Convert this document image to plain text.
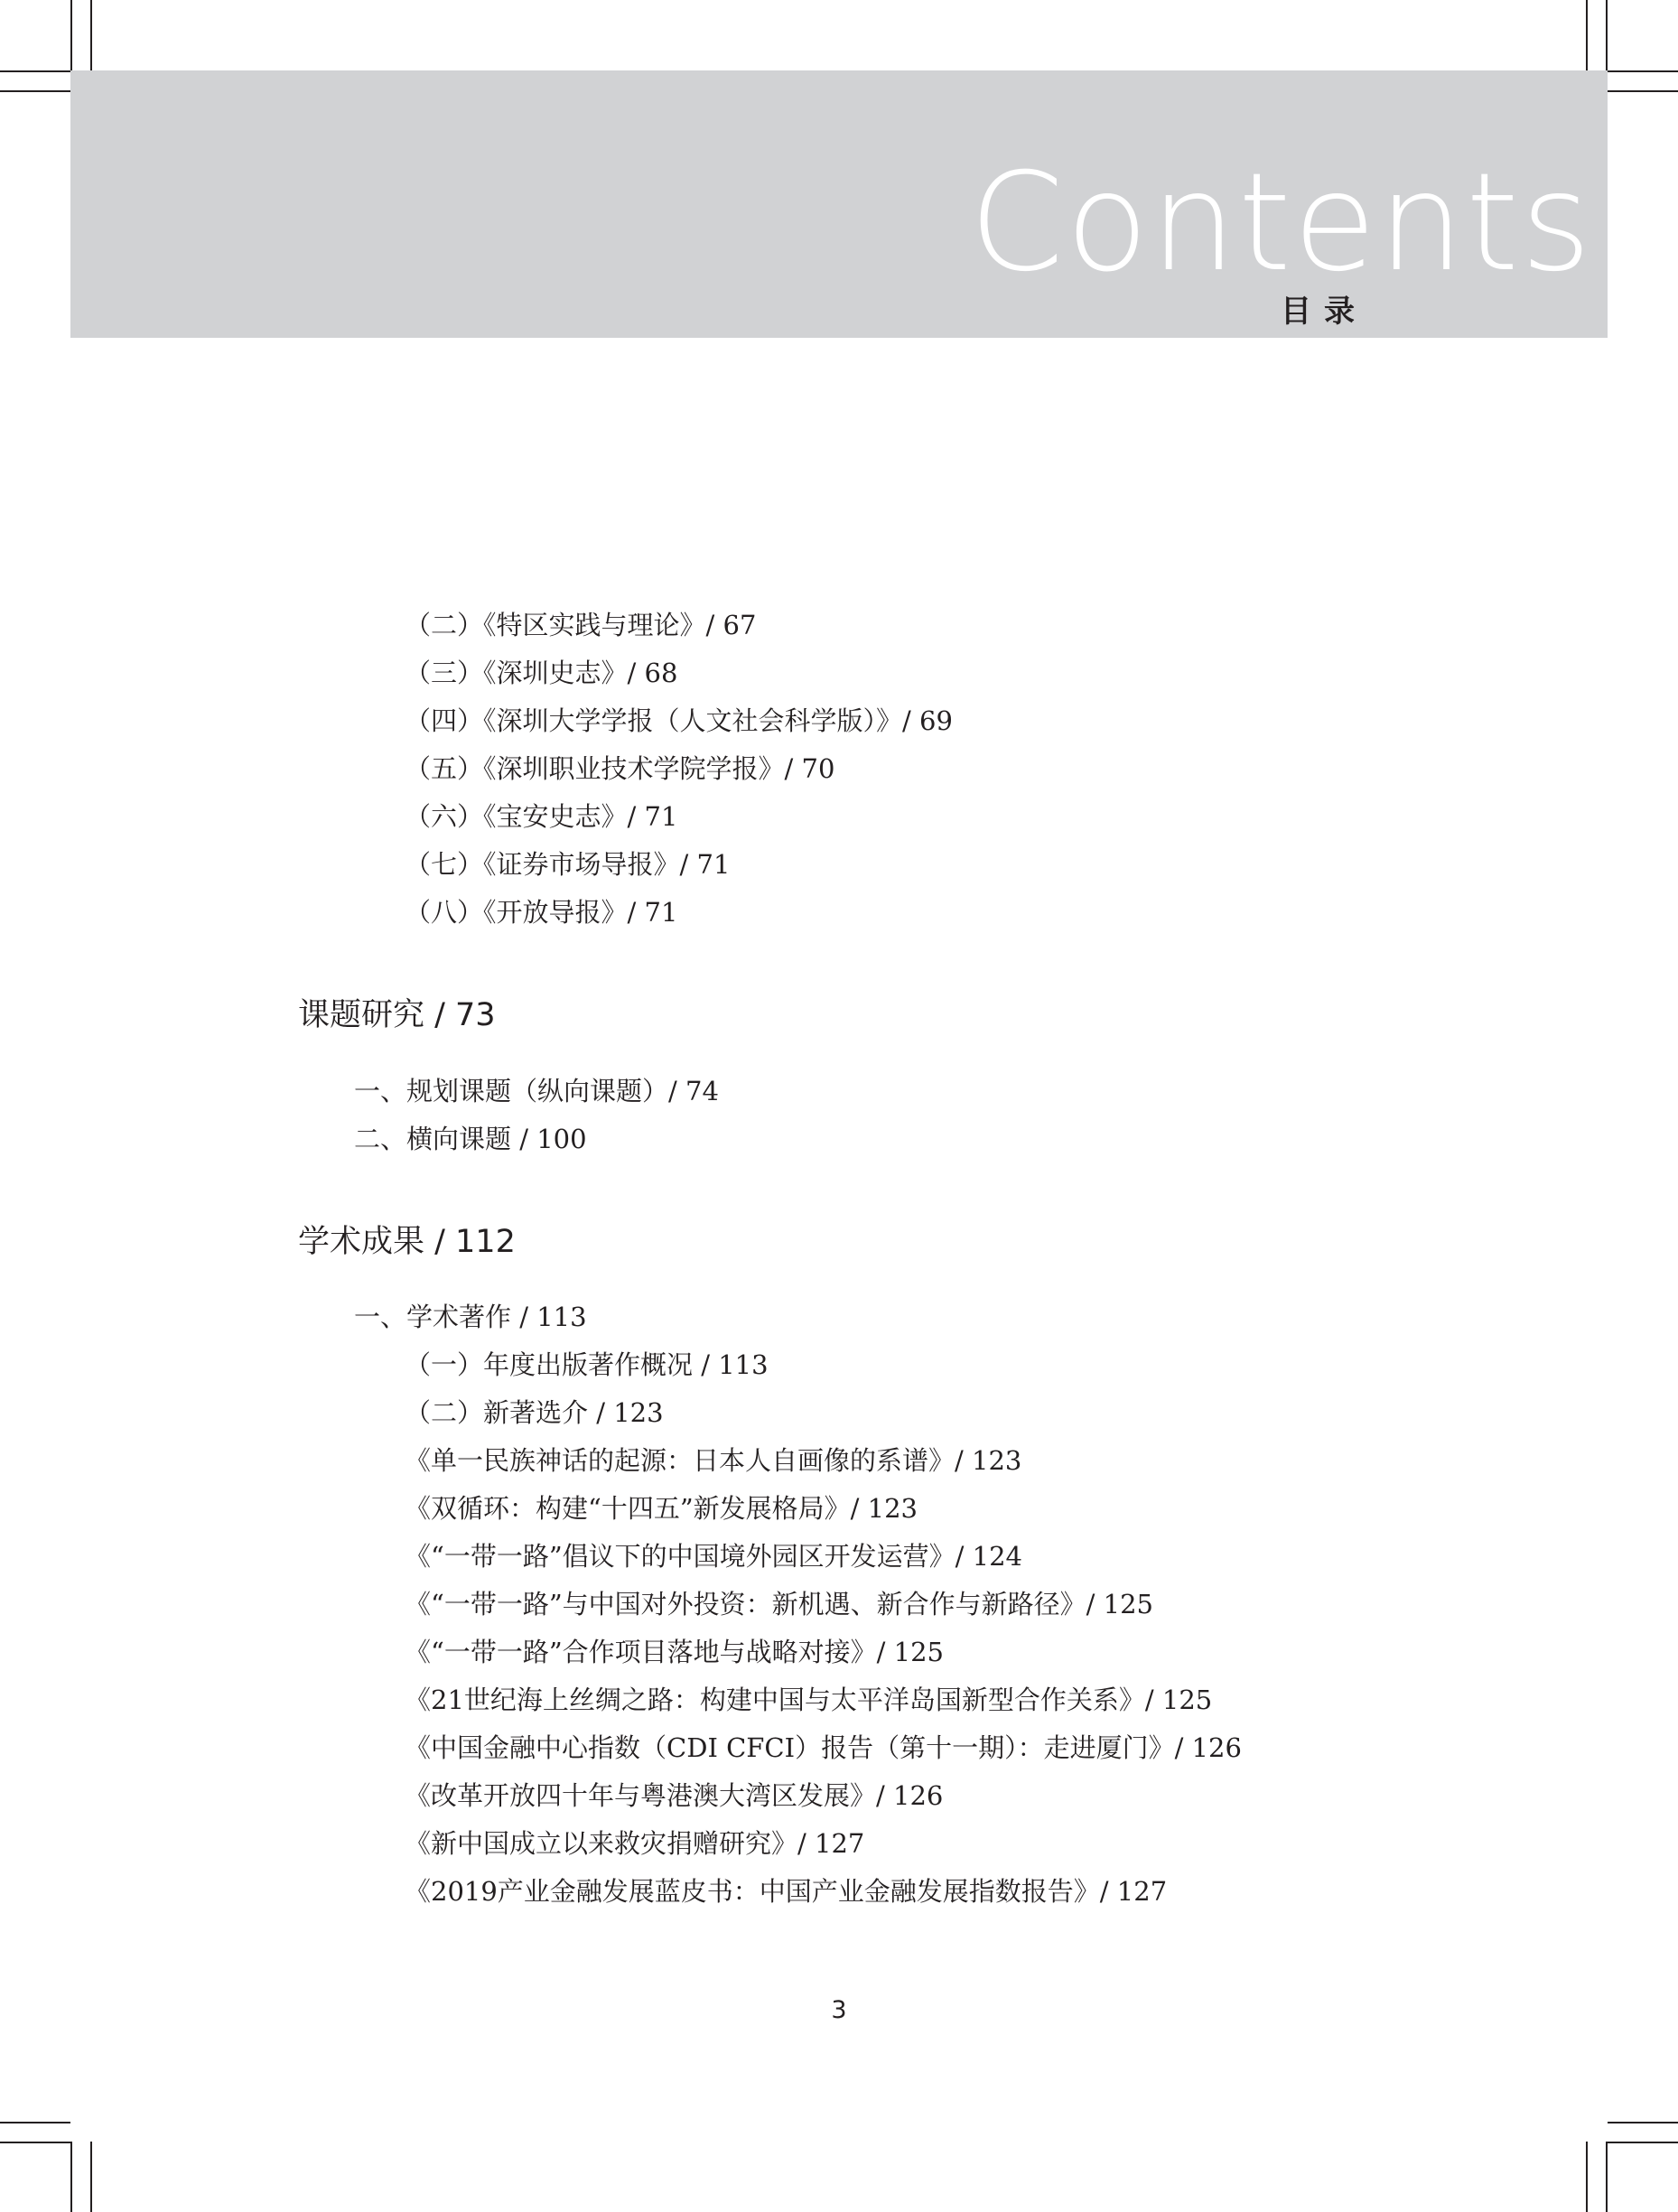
Contents
目录
（二）《特区实践与理论》/ 67
（三）《深圳史志》/ 68
（四）《深圳大学学报（人文社会科学版）》/ 69
（五）《深圳职业技术学院学报》/ 70
（六）《宝安史志》/ 71
（七）《证券市场导报》/ 71
（八）《开放导报》/ 71
课题研究 / 73
一、规划课题（纵向课题）/ 74
二、横向课题 / 100
学术成果 / 112
一、学术著作 / 113
（一）年度出版著作概况 / 113
（二）新著选介 / 123
《单一民族神话的起源：日本人自画像的系谱》/ 123
《双循环：构建“十四五”新发展格局》/ 123
《“一带一路”倡议下的中国境外园区开发运营》/ 124
《“一带一路”与中国对外投资：新机遇、新合作与新路径》/ 125
《“一带一路”合作项目落地与战略对接》/ 125
《21世纪海上丝绸之路：构建中国与太平洋岛国新型合作关系》/ 125
《中国金融中心指数（CDI CFCI）报告（第十一期）：走进厦门》/ 126
《改革开放四十年与粤港澳大湾区发展》/ 126
《新中国成立以来救灾捐赠研究》/ 127
《2019产业金融发展蓝皮书：中国产业金融发展指数报告》/ 127
3
